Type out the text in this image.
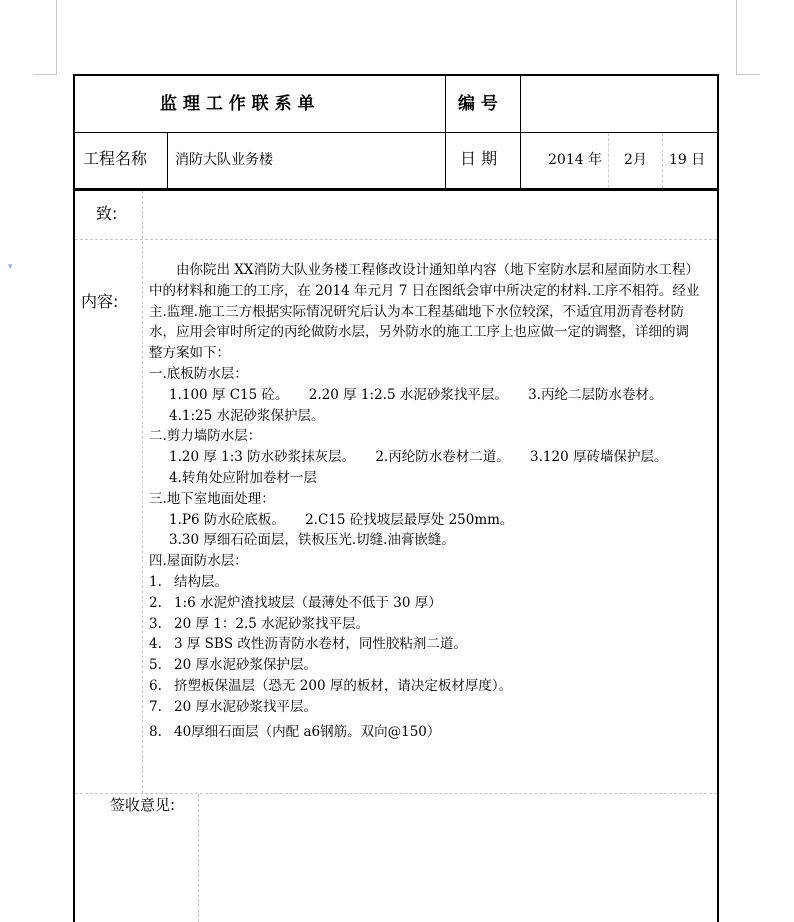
▾
监 理 工 作 联 系 单	编 号
工程名称 消防大队业务楼	日 期	2014 年 2月 19 日
致:
内容:

由你院出 XX消防大队业务楼工程修改设计通知单内容（地下室防水层和屋面防水工程）

中的材料和施工的工序，在 2014 年元月 7 日在图纸会审中所决定的材料.工序不相符。经业

主.监理.施工三方根据实际情况研究后认为本工程基础地下水位较深，不适宜用沥青卷材防

水，应用会审时所定的丙纶做防水层，另外防水的施工工序上也应做一定的调整，详细的调

整方案如下：

一.底板防水层：

1.100 厚 C15 砼。　　2.20 厚 1:2.5 水泥砂浆找平层。　　3.丙纶二层防水卷材。

4.1:25 水泥砂浆保护层。

二.剪力墙防水层：

1.20 厚 1:3 防水砂浆抹灰层。　　2.丙纶防水卷材二道。　　3.120 厚砖墙保护层。

4.转角处应附加卷材一层

三.地下室地面处理：

1.P6 防水砼底板。　　2.C15 砼找坡层最厚处 250mm。

3.30 厚细石砼面层，铁板压光.切缝.油膏嵌缝。

四.屋面防水层：

1. 结构层。

2. 1:6 水泥炉渣找坡层（最薄处不低于 30 厚）

3. 20 厚 1：2.5 水泥砂浆找平层。

4. 3 厚 SBS 改性沥青防水卷材，同性胶粘剂二道。

5. 20 厚水泥砂浆保护层。

6. 挤塑板保温层（恐无 200 厚的板材，请决定板材厚度）。

7. 20 厚水泥砂浆找平层。

8. 40厚细石面层（内配 a6钢筋。双向@150）

签收意见:
